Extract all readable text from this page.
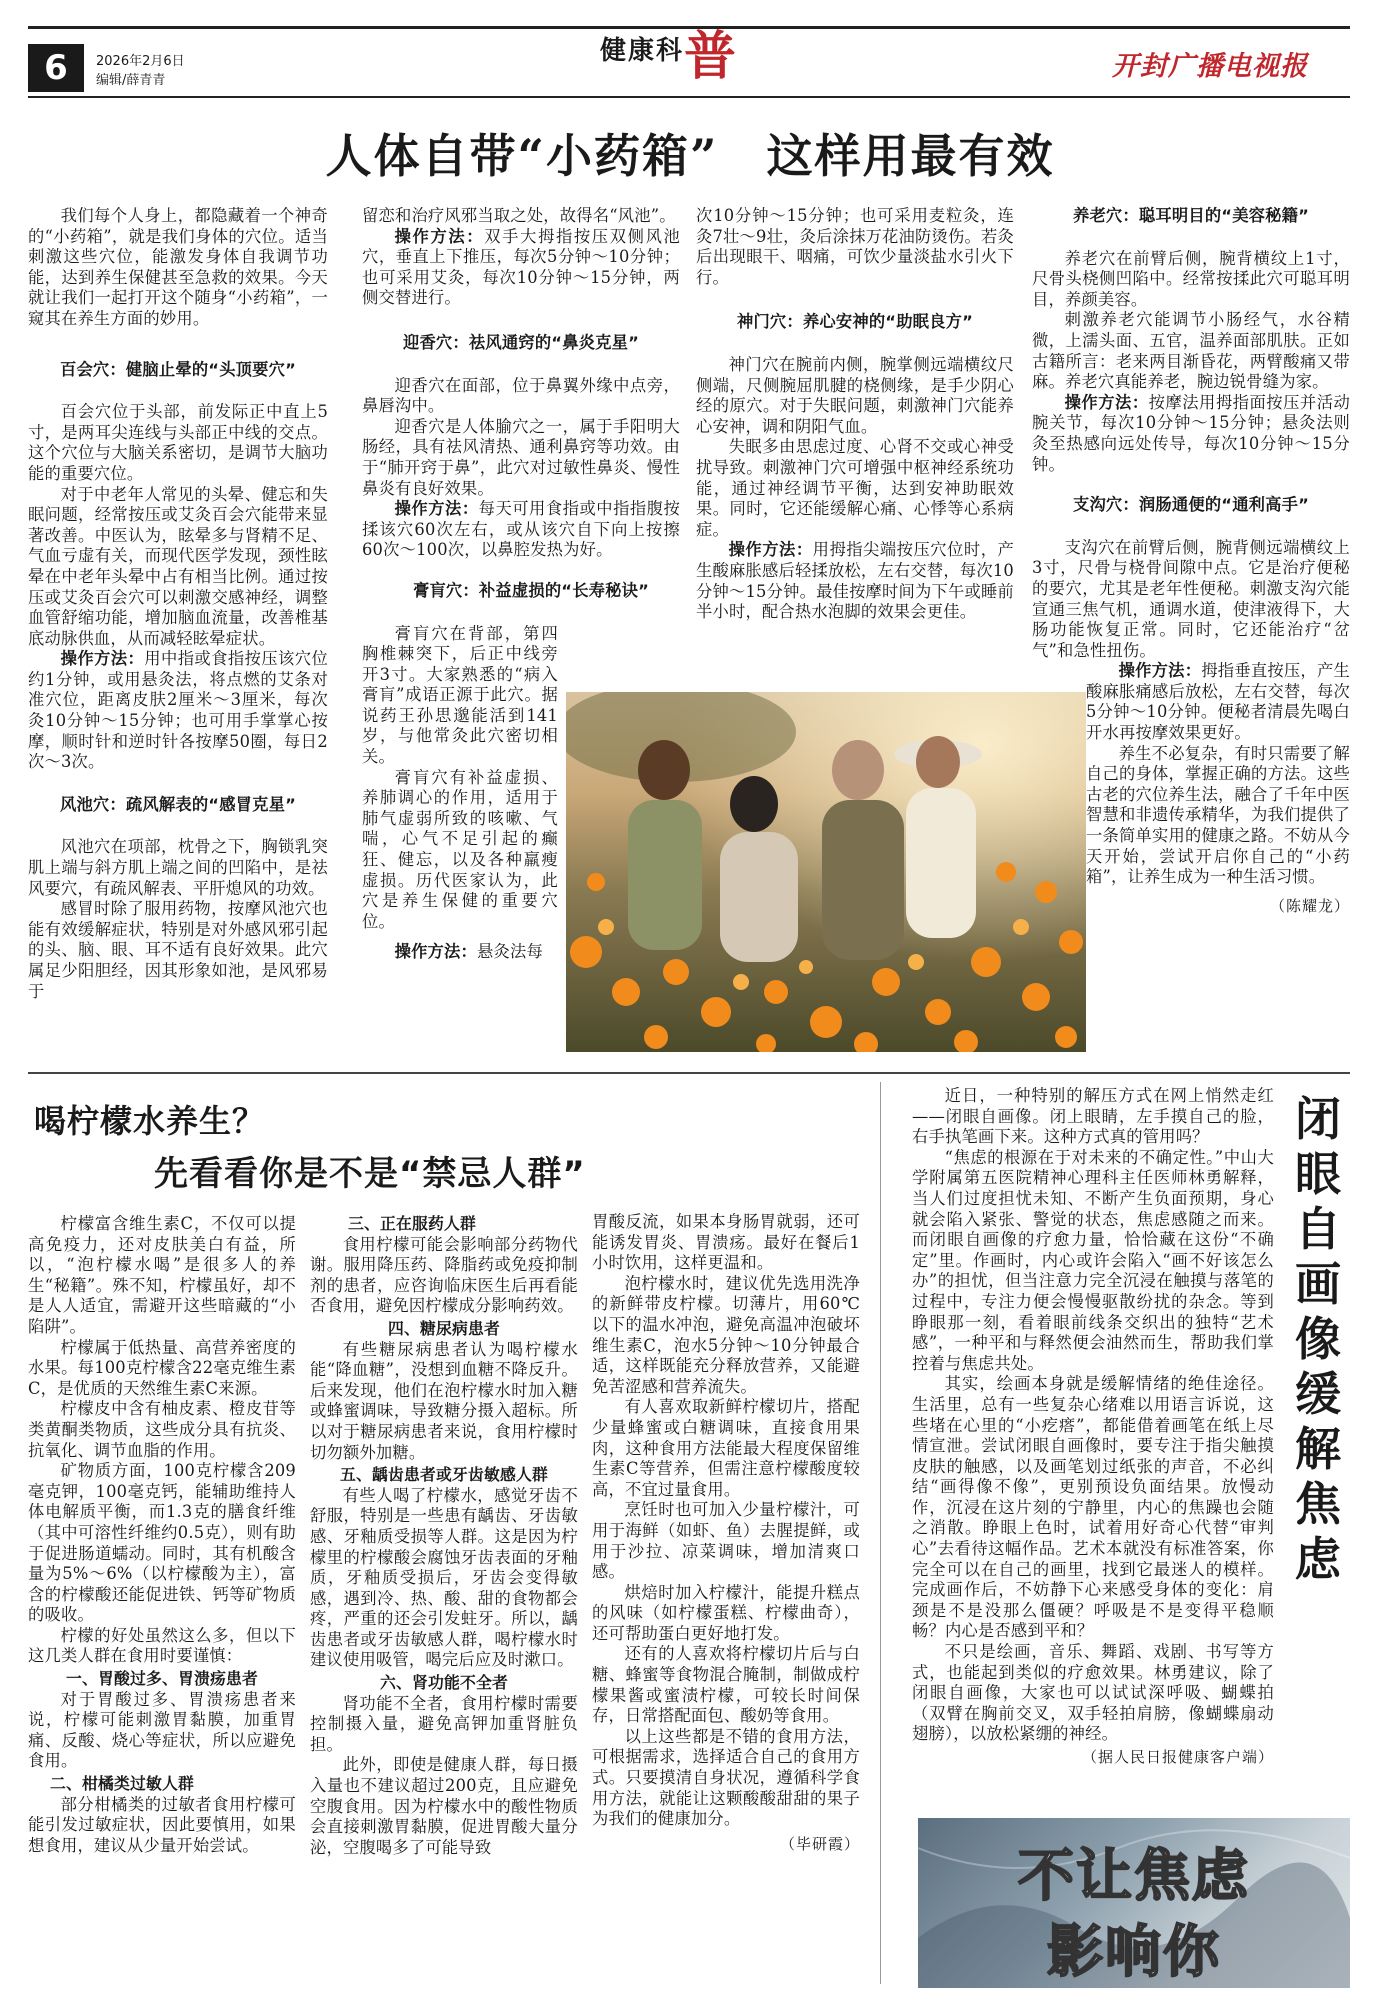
6	2026年2月6日
编辑/薛青青
健康科普	开封广播电视报
人体自带“小药箱”　这样用最有效

我们每个人身上，都隐藏着一个神奇的“小药箱”，就是我们身体的穴位。适当刺激这些穴位，能激发身体自我调节功能，达到养生保健甚至急救的效果。今天就让我们一起打开这个随身“小药箱”，一窥其在养生方面的妙用。

百会穴：健脑止晕的“头顶要穴”

百会穴位于头部，前发际正中直上5寸，是两耳尖连线与头部正中线的交点。这个穴位与大脑关系密切，是调节大脑功能的重要穴位。

对于中老年人常见的头晕、健忘和失眠问题，经常按压或艾灸百会穴能带来显著改善。中医认为，眩晕多与肾精不足、气血亏虚有关，而现代医学发现，颈性眩晕在中老年头晕中占有相当比例。通过按压或艾灸百会穴可以刺激交感神经，调整血管舒缩功能，增加脑血流量，改善椎基底动脉供血，从而减轻眩晕症状。

操作方法：用中指或食指按压该穴位约1分钟，或用悬灸法，将点燃的艾条对准穴位，距离皮肤2厘米～3厘米，每次灸10分钟～15分钟；也可用手掌掌心按摩，顺时针和逆时针各按摩50圈，每日2次～3次。

风池穴：疏风解表的“感冒克星”

风池穴在项部，枕骨之下，胸锁乳突肌上端与斜方肌上端之间的凹陷中，是祛风要穴，有疏风解表、平肝熄风的功效。

感冒时除了服用药物，按摩风池穴也能有效缓解症状，特别是对外感风邪引起的头、脑、眼、耳不适有良好效果。此穴属足少阳胆经，因其形象如池，是风邪易于

留恋和治疗风邪当取之处，故得名“风池”。

操作方法：双手大拇指按压双侧风池穴，垂直上下推压，每次5分钟～10分钟；也可采用艾灸，每次10分钟～15分钟，两侧交替进行。

迎香穴：祛风通窍的“鼻炎克星”

迎香穴在面部，位于鼻翼外缘中点旁，鼻唇沟中。

迎香穴是人体腧穴之一，属于手阳明大肠经，具有祛风清热、通利鼻窍等功效。由于“肺开窍于鼻”，此穴对过敏性鼻炎、慢性鼻炎有良好效果。

操作方法：每天可用食指或中指指腹按揉该穴60次左右，或从该穴自下向上按擦60次～100次，以鼻腔发热为好。

膏肓穴：补益虚损的“长寿秘诀”

膏肓穴在背部，第四胸椎棘突下，后正中线旁开3寸。大家熟悉的“病入膏肓”成语正源于此穴。据说药王孙思邈能活到141岁，与他常灸此穴密切相关。

膏肓穴有补益虚损、养肺调心的作用，适用于肺气虚弱所致的咳嗽、气喘，心气不足引起的癫狂、健忘，以及各种羸瘦虚损。历代医家认为，此穴是养生保健的重要穴位。

操作方法：悬灸法每

次10分钟～15分钟；也可采用麦粒灸，连灸7壮～9壮，灸后涂抹万花油防烫伤。若灸后出现眼干、咽痛，可饮少量淡盐水引火下行。

神门穴：养心安神的“助眠良方”

神门穴在腕前内侧，腕掌侧远端横纹尺侧端，尺侧腕屈肌腱的桡侧缘，是手少阴心经的原穴。对于失眠问题，刺激神门穴能养心安神，调和阴阳气血。

失眠多由思虑过度、心肾不交或心神受扰导致。刺激神门穴可增强中枢神经系统功能，通过神经调节平衡，达到安神助眠效果。同时，它还能缓解心痛、心悸等心系病症。

操作方法：用拇指尖端按压穴位时，产生酸麻胀感后轻揉放松，左右交替，每次10分钟～15分钟。最佳按摩时间为下午或睡前半小时，配合热水泡脚的效果会更佳。

养老穴：聪耳明目的“美容秘籍”

养老穴在前臂后侧，腕背横纹上1寸，尺骨头桡侧凹陷中。经常按揉此穴可聪耳明目，养颜美容。

刺激养老穴能调节小肠经气，水谷精微，上濡头面、五官，温养面部肌肤。正如古籍所言：老来两目渐昏花，两臂酸痛又带麻。养老穴真能养老，腕边锐骨缝为家。

操作方法：按摩法用拇指面按压并活动腕关节，每次10分钟～15分钟；悬灸法则灸至热感向远处传导，每次10分钟～15分钟。

支沟穴：润肠通便的“通利高手”

支沟穴在前臂后侧，腕背侧远端横纹上3寸，尺骨与桡骨间隙中点。它是治疗便秘的要穴，尤其是老年性便秘。刺激支沟穴能宣通三焦气机，通调水道，使津液得下，大肠功能恢复正常。同时，它还能治疗“岔气”和急性扭伤。

操作方法：拇指垂直按压，产生酸麻胀痛感后放松，左右交替，每次5分钟～10分钟。便秘者清晨先喝白开水再按摩效果更好。

养生不必复杂，有时只需要了解自己的身体，掌握正确的方法。这些古老的穴位养生法，融合了千年中医智慧和非遗传承精华，为我们提供了一条简单实用的健康之路。不妨从今天开始，尝试开启你自己的“小药箱”，让养生成为一种生活习惯。

（陈耀龙）
喝柠檬水养生？
先看看你是不是“禁忌人群”

柠檬富含维生素C，不仅可以提高免疫力，还对皮肤美白有益，所以，“泡柠檬水喝”是很多人的养生“秘籍”。殊不知，柠檬虽好，却不是人人适宜，需避开这些暗藏的“小陷阱”。

柠檬属于低热量、高营养密度的水果。每100克柠檬含22毫克维生素C，是优质的天然维生素C来源。

柠檬皮中含有柚皮素、橙皮苷等类黄酮类物质，这些成分具有抗炎、抗氧化、调节血脂的作用。

矿物质方面，100克柠檬含209毫克钾，100毫克钙，能辅助维持人体电解质平衡，而1.3克的膳食纤维（其中可溶性纤维约0.5克），则有助于促进肠道蠕动。同时，其有机酸含量为5%～6%（以柠檬酸为主），富含的柠檬酸还能促进铁、钙等矿物质的吸收。

柠檬的好处虽然这么多，但以下这几类人群在食用时要谨慎：

一、胃酸过多、胃溃疡患者

对于胃酸过多、胃溃疡患者来说，柠檬可能刺激胃黏膜，加重胃痛、反酸、烧心等症状，所以应避免食用。

二、柑橘类过敏人群

部分柑橘类的过敏者食用柠檬可能引发过敏症状，因此要慎用，如果想食用，建议从少量开始尝试。

三、正在服药人群

食用柠檬可能会影响部分药物代谢。服用降压药、降脂药或免疫抑制剂的患者，应咨询临床医生后再看能否食用，避免因柠檬成分影响药效。

四、糖尿病患者

有些糖尿病患者认为喝柠檬水能“降血糖”，没想到血糖不降反升。后来发现，他们在泡柠檬水时加入糖或蜂蜜调味，导致糖分摄入超标。所以对于糖尿病患者来说，食用柠檬时切勿额外加糖。

五、龋齿患者或牙齿敏感人群

有些人喝了柠檬水，感觉牙齿不舒服，特别是一些患有龋齿、牙齿敏感、牙釉质受损等人群。这是因为柠檬里的柠檬酸会腐蚀牙齿表面的牙釉质，牙釉质受损后，牙齿会变得敏感，遇到冷、热、酸、甜的食物都会疼，严重的还会引发蛀牙。所以，龋齿患者或牙齿敏感人群，喝柠檬水时建议使用吸管，喝完后应及时漱口。

六、肾功能不全者

肾功能不全者，食用柠檬时需要控制摄入量，避免高钾加重肾脏负担。

此外，即使是健康人群，每日摄入量也不建议超过200克，且应避免空腹食用。因为柠檬水中的酸性物质会直接刺激胃黏膜，促进胃酸大量分泌，空腹喝多了可能导致

胃酸反流，如果本身肠胃就弱，还可能诱发胃炎、胃溃疡。最好在餐后1小时饮用，这样更温和。

泡柠檬水时，建议优先选用洗净的新鲜带皮柠檬。切薄片，用60℃以下的温水冲泡，避免高温冲泡破坏维生素C，泡水5分钟～10分钟最合适，这样既能充分释放营养，又能避免苦涩感和营养流失。

有人喜欢取新鲜柠檬切片，搭配少量蜂蜜或白糖调味，直接食用果肉，这种食用方法能最大程度保留维生素C等营养，但需注意柠檬酸度较高，不宜过量食用。

烹饪时也可加入少量柠檬汁，可用于海鲜（如虾、鱼）去腥提鲜，或用于沙拉、凉菜调味，增加清爽口感。

烘焙时加入柠檬汁，能提升糕点的风味（如柠檬蛋糕、柠檬曲奇），还可帮助蛋白更好地打发。

还有的人喜欢将柠檬切片后与白糖、蜂蜜等食物混合腌制，制做成柠檬果酱或蜜渍柠檬，可较长时间保存，日常搭配面包、酸奶等食用。

以上这些都是不错的食用方法，可根据需求，选择适合自己的食用方式。只要摸清自身状况，遵循科学食用方法，就能让这颗酸酸甜甜的果子为我们的健康加分。

（毕研霞）

近日，一种特别的解压方式在网上悄然走红——闭眼自画像。闭上眼睛，左手摸自己的脸，右手执笔画下来。这种方式真的管用吗？

“焦虑的根源在于对未来的不确定性。”中山大学附属第五医院精神心理科主任医师林勇解释，当人们过度担忧未知、不断产生负面预期，身心就会陷入紧张、警觉的状态，焦虑感随之而来。而闭眼自画像的疗愈力量，恰恰藏在这份“不确定”里。作画时，内心或许会陷入“画不好该怎么办”的担忧，但当注意力完全沉浸在触摸与落笔的过程中，专注力便会慢慢驱散纷扰的杂念。等到睁眼那一刻，看着眼前线条交织出的独特“艺术感”，一种平和与释然便会油然而生，帮助我们掌控着与焦虑共处。

其实，绘画本身就是缓解情绪的绝佳途径。生活里，总有一些复杂心绪难以用语言诉说，这些堵在心里的“小疙瘩”，都能借着画笔在纸上尽情宣泄。尝试闭眼自画像时，要专注于指尖触摸皮肤的触感，以及画笔划过纸张的声音，不必纠结“画得像不像”，更别预设负面结果。放慢动作，沉浸在这片刻的宁静里，内心的焦躁也会随之消散。睁眼上色时，试着用好奇心代替“审判心”去看待这幅作品。艺术本就没有标准答案，你完全可以在自己的画里，找到它最迷人的模样。完成画作后，不妨静下心来感受身体的变化：肩颈是不是没那么僵硬？呼吸是不是变得平稳顺畅？内心是否感到平和？

不只是绘画，音乐、舞蹈、戏剧、书写等方式，也能起到类似的疗愈效果。林勇建议，除了闭眼自画像，大家也可以试试深呼吸、蝴蝶拍（双臂在胸前交叉，双手轻拍肩膀，像蝴蝶扇动翅膀），以放松紧绷的神经。

（据人民日报健康客户端）
闭眼自画像缓解焦虑
不让焦虑
影响你
